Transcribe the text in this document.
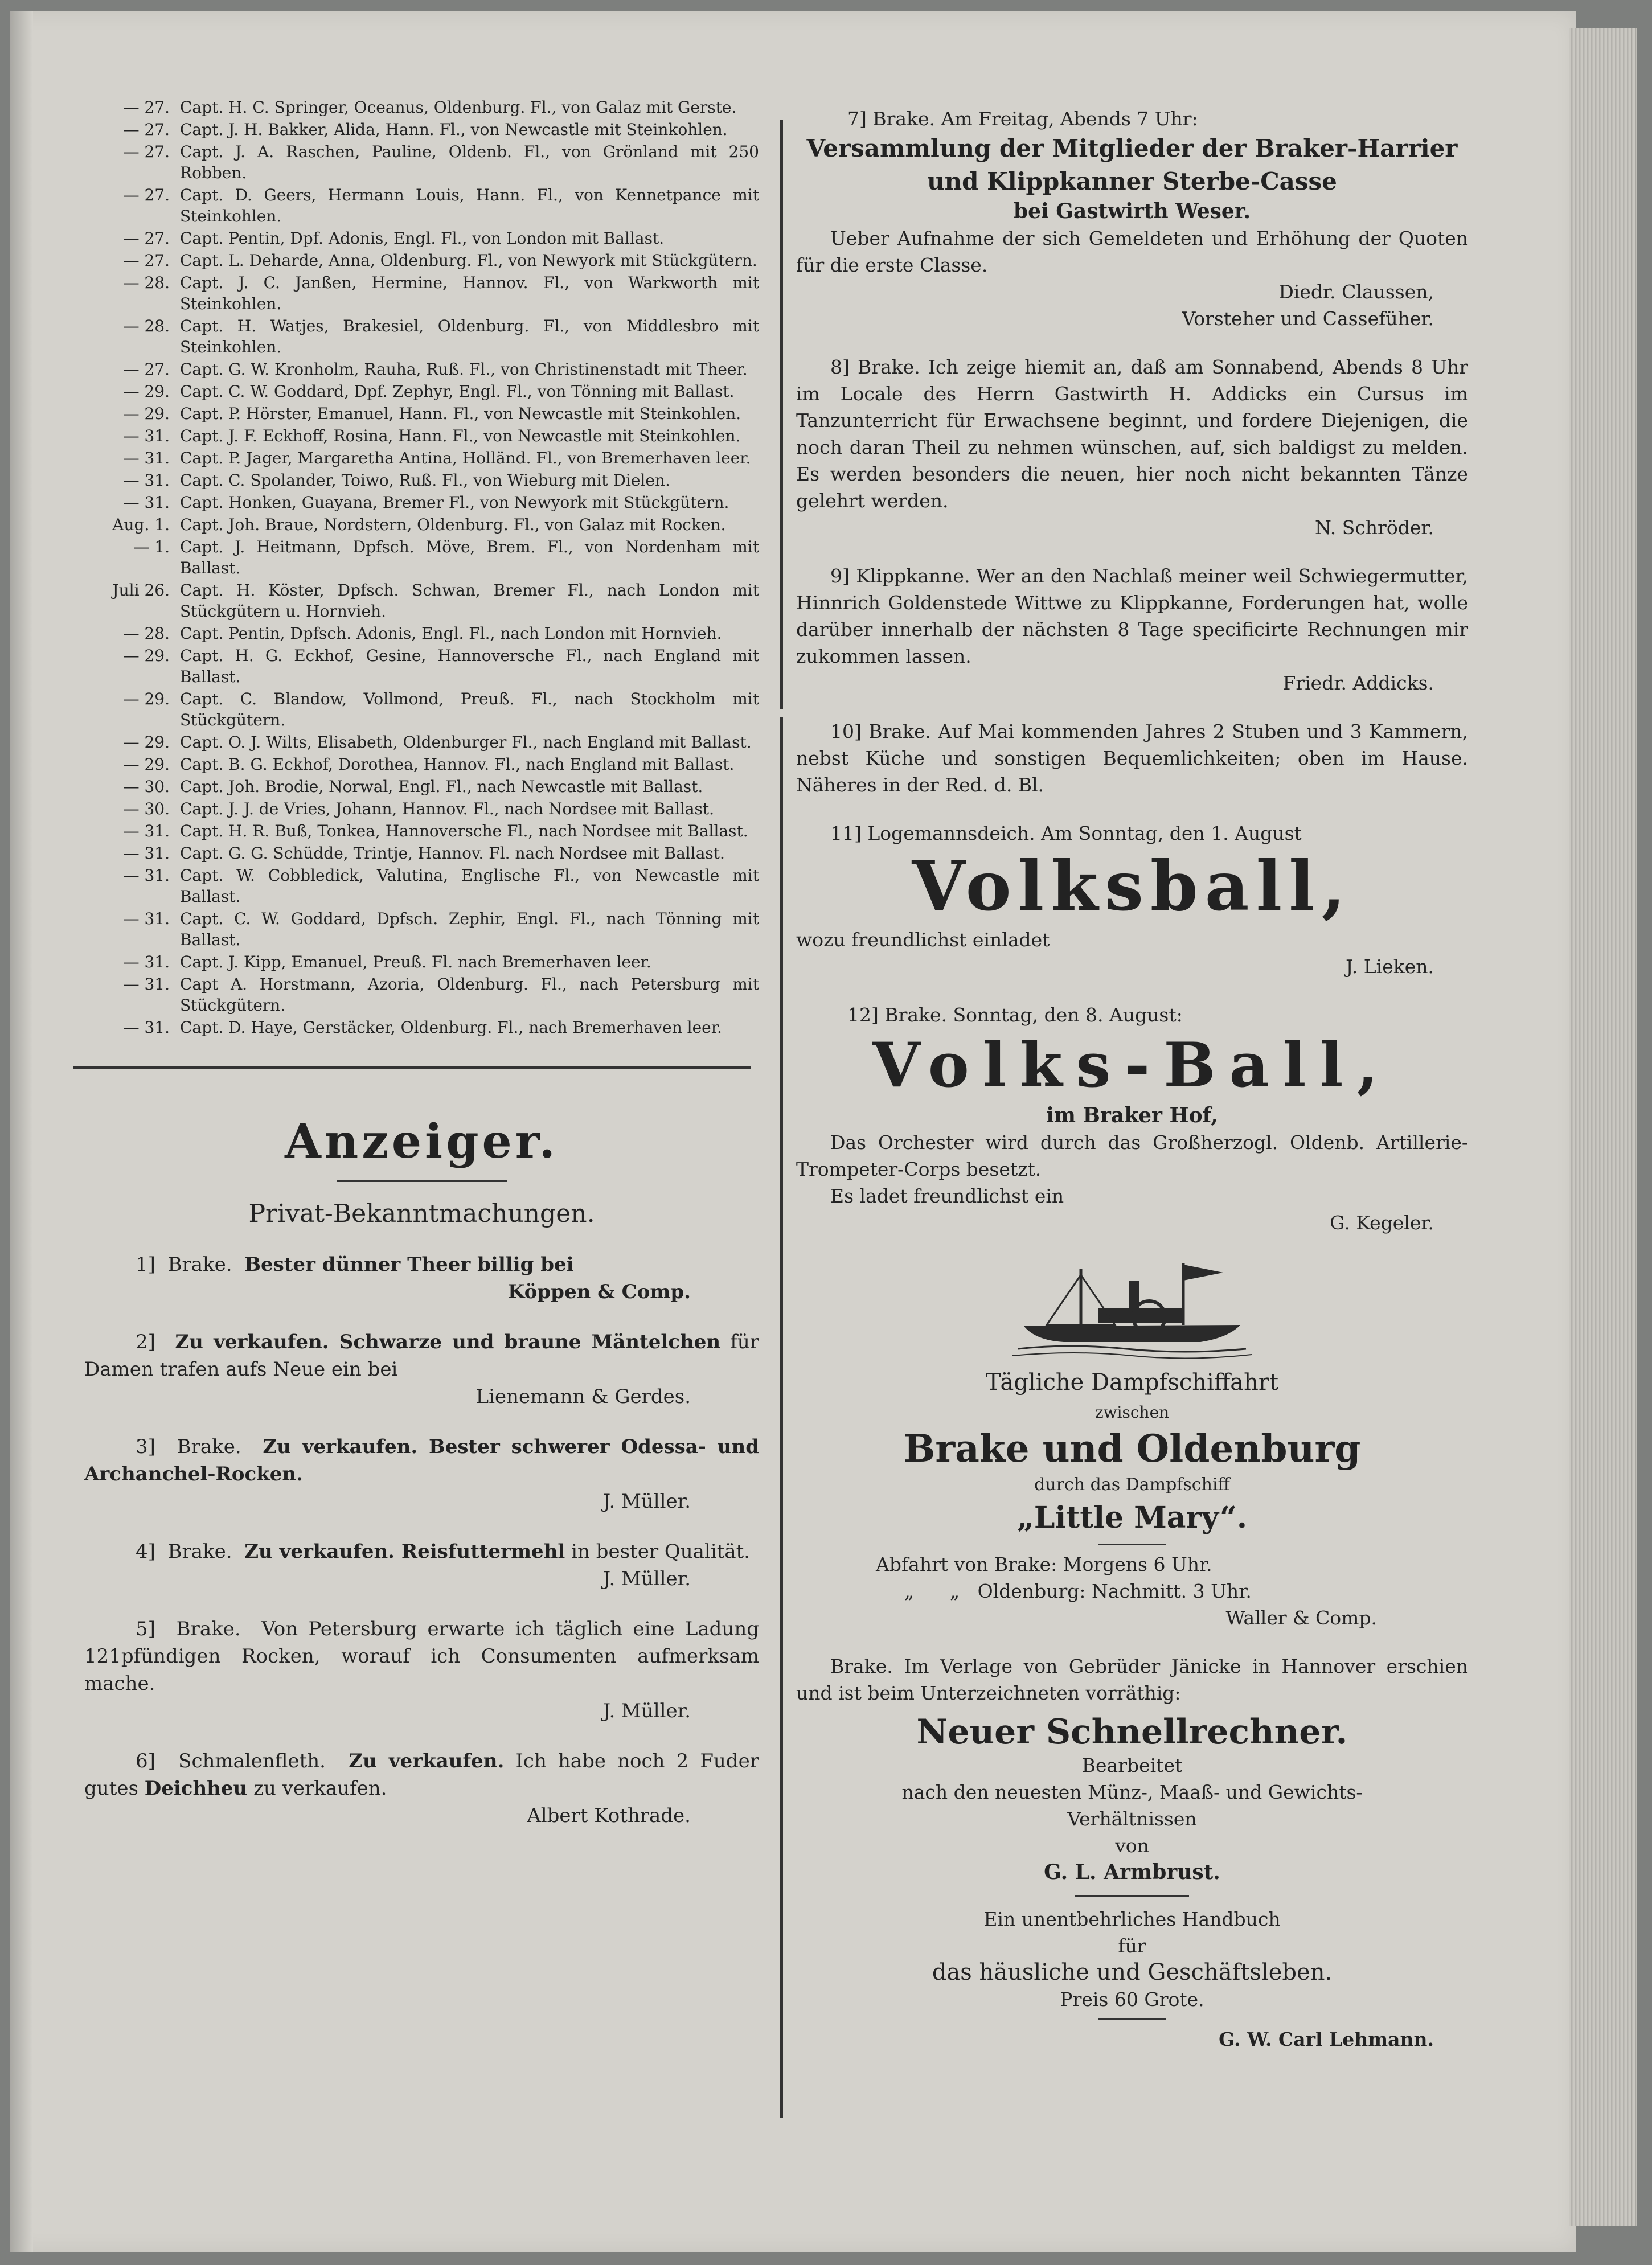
— 27. Capt. H. C. Springer, Oceanus, Oldenburg. Fl., von Galaz mit Gerste.
— 27. Capt. J. H. Bakker, Alida, Hann. Fl., von Newcastle mit Steinkohlen.
— 27. Capt. J. A. Raschen, Pauline, Oldenb. Fl., von Grönland mit 250 Robben.
— 27. Capt. D. Geers, Hermann Louis, Hann. Fl., von Kennetpance mit Steinkohlen.
— 27. Capt. Pentin, Dpf. Adonis, Engl. Fl., von London mit Ballast.
— 27. Capt. L. Deharde, Anna, Oldenburg. Fl., von Newyork mit Stückgütern.
— 28. Capt. J. C. Janßen, Hermine, Hannov. Fl., von Warkworth mit Steinkohlen.
— 28. Capt. H. Watjes, Brakesiel, Oldenburg. Fl., von Middlesbro mit Steinkohlen.
— 27. Capt. G. W. Kronholm, Rauha, Ruß. Fl., von Christinenstadt mit Theer.
— 29. Capt. C. W. Goddard, Dpf. Zephyr, Engl. Fl., von Tönning mit Ballast.
— 29. Capt. P. Hörster, Emanuel, Hann. Fl., von Newcastle mit Steinkohlen.
— 31. Capt. J. F. Eckhoff, Rosina, Hann. Fl., von Newcastle mit Steinkohlen.
— 31. Capt. P. Jager, Margaretha Antina, Holländ. Fl., von Bremerhaven leer.
— 31. Capt. C. Spolander, Toiwo, Ruß. Fl., von Wieburg mit Dielen.
— 31. Capt. Honken, Guayana, Bremer Fl., von Newyork mit Stückgütern.
Aug. 1. Capt. Joh. Braue, Nordstern, Oldenburg. Fl., von Galaz mit Rocken.
— 1. Capt. J. Heitmann, Dpfsch. Möve, Brem. Fl., von Nordenham mit Ballast.
Juli 26. Capt. H. Köster, Dpfsch. Schwan, Bremer Fl., nach London mit Stückgütern u. Hornvieh.
— 28. Capt. Pentin, Dpfsch. Adonis, Engl. Fl., nach London mit Hornvieh.
— 29. Capt. H. G. Eckhof, Gesine, Hannoversche Fl., nach England mit Ballast.
— 29. Capt. C. Blandow, Vollmond, Preuß. Fl., nach Stockholm mit Stückgütern.
— 29. Capt. O. J. Wilts, Elisabeth, Oldenburger Fl., nach England mit Ballast.
— 29. Capt. B. G. Eckhof, Dorothea, Hannov. Fl., nach England mit Ballast.
— 30. Capt. Joh. Brodie, Norwal, Engl. Fl., nach Newcastle mit Ballast.
— 30. Capt. J. J. de Vries, Johann, Hannov. Fl., nach Nordsee mit Ballast.
— 31. Capt. H. R. Buß, Tonkea, Hannoversche Fl., nach Nordsee mit Ballast.
— 31. Capt. G. G. Schüdde, Trintje, Hannov. Fl. nach Nordsee mit Ballast.
— 31. Capt. W. Cobbledick, Valutina, Englische Fl., von Newcastle mit Ballast.
— 31. Capt. C. W. Goddard, Dpfsch. Zephir, Engl. Fl., nach Tönning mit Ballast.
— 31. Capt. J. Kipp, Emanuel, Preuß. Fl. nach Bremerhaven leer.
— 31. Capt A. Horstmann, Azoria, Oldenburg. Fl., nach Petersburg mit Stückgütern.
— 31. Capt. D. Haye, Gerstäcker, Oldenburg. Fl., nach Bremerhaven leer.
Anzeiger.
Privat-Bekanntmachungen.
1] Brake. Bester dünner Theer billig bei
Köppen & Comp.
2] Zu verkaufen. Schwarze und braune Mäntelchen für Damen trafen aufs Neue ein bei
Lienemann & Gerdes.
3] Brake. Zu verkaufen. Bester schwerer Odessa- und Archanchel-Rocken.
J. Müller.
4] Brake. Zu verkaufen. Reisfuttermehl in bester Qualität.
J. Müller.
5] Brake. Von Petersburg erwarte ich täglich eine Ladung 121pfündigen Rocken, worauf ich Consumenten aufmerksam mache.
J. Müller.
6] Schmalenfleth. Zu verkaufen. Ich habe noch 2 Fuder gutes Deichheu zu verkaufen.
Albert Kothrade.
7] Brake. Am Freitag, Abends 7 Uhr:
Versammlung der Mitglieder der Braker-Harrier
und Klippkanner Sterbe-Casse
bei Gastwirth Weser.
Ueber Aufnahme der sich Gemeldeten und Erhöhung der Quoten für die erste Classe.
Diedr. Claussen,
Vorsteher und Cassefüher.
8] Brake. Ich zeige hiemit an, daß am Sonnabend, Abends 8 Uhr im Locale des Herrn Gastwirth H. Addicks ein Cursus im Tanzunterricht für Erwachsene beginnt, und fordere Diejenigen, die noch daran Theil zu nehmen wünschen, auf, sich baldigst zu melden. Es werden besonders die neuen, hier noch nicht bekannten Tänze gelehrt werden.
N. Schröder.
9] Klippkanne. Wer an den Nachlaß meiner weil Schwiegermutter, Hinnrich Goldenstede Wittwe zu Klippkanne, Forderungen hat, wolle darüber innerhalb der nächsten 8 Tage specificirte Rechnungen mir zukommen lassen.
Friedr. Addicks.
10] Brake. Auf Mai kommenden Jahres 2 Stuben und 3 Kammern, nebst Küche und sonstigen Bequemlichkeiten; oben im Hause. Näheres in der Red. d. Bl.
11] Logemannsdeich. Am Sonntag, den 1. August
Volksball,
wozu freundlichst einladet
J. Lieken.
12] Brake. Sonntag, den 8. August:
Volks-Ball,
im Braker Hof,
Das Orchester wird durch das Großherzogl. Oldenb. Artillerie-Trompeter-Corps besetzt.
Es ladet freundlichst ein
G. Kegeler.
Tägliche Dampfschiffahrt
zwischen
Brake und Oldenburg
durch das Dampfschiff
„Little Mary“.
Abfahrt von Brake: Morgens 6 Uhr.
„      „   Oldenburg: Nachmitt. 3 Uhr.
Waller & Comp.
Brake. Im Verlage von Gebrüder Jänicke in Hannover erschien und ist beim Unterzeichneten vorräthig:
Neuer Schnellrechner.
Bearbeitet
nach den neuesten Münz-, Maaß- und Gewichts-
Verhältnissen
von
G. L. Armbrust.
Ein unentbehrliches Handbuch
für
das häusliche und Geschäftsleben.
Preis 60 Grote.
G. W. Carl Lehmann.
